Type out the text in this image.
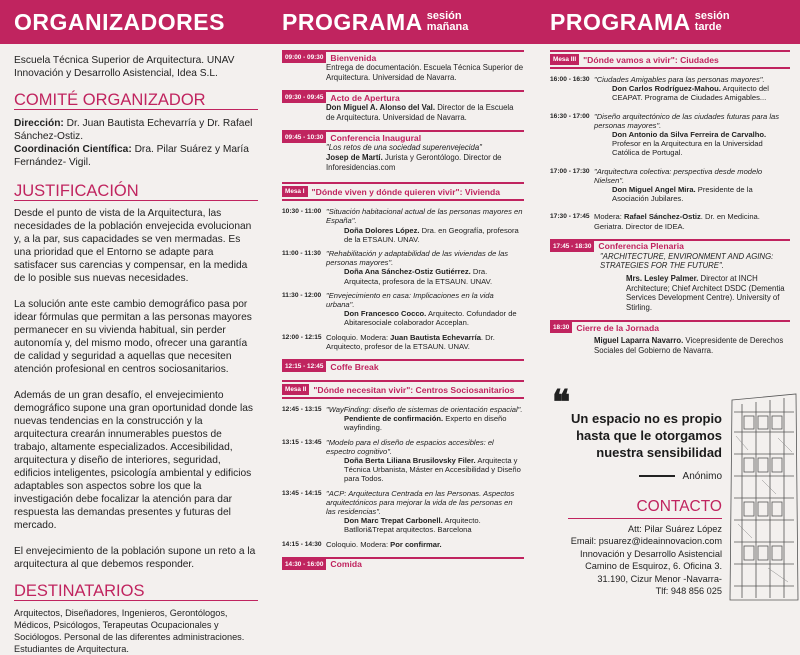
ORGANIZADORES
Escuela Técnica Superior de Arquitectura. UNAV
Innovación y Desarrollo Asistencial, Idea S.L.
COMITÉ ORGANIZADOR
Dirección: Dr. Juan Bautista Echevarría y Dr. Rafael Sánchez-Ostiz.
Coordinación Científica: Dra. Pilar Suárez y María Fernández- Vigil.
JUSTIFICACIÓN

Desde el punto de vista de la Arquitectura, las necesidades de la población envejecida evolucionan y, a la par, sus capacidades se ven mermadas. Es una prioridad que el Entorno se adapte para satisfacer sus carencias y compensar, en la medida de lo posible sus nuevas necesidades.

La solución ante este cambio demográfico pasa por idear fórmulas que permitan a las personas mayores permanecer en su vivienda habitual, sin perder autonomía y, del mismo modo, ofrecer una garantía de calidad y seguridad a aquellas que necesiten atención profesional en centros sociosanitarios.

Además de un gran desafío, el envejecimiento demográfico supone una gran oportunidad donde las nuevas tendencias en la construcción y la arquitectura crearán innumerables puestos de trabajo, altamente especializados. Accesibilidad, arquitectura y diseño de interiores, seguridad, edificios inteligentes, psicología ambiental y edificios adaptables son aspectos sobre los que la investigación debe focalizar la atención para dar respuesta las demandas presentes y futuras del mercado.

El envejecimiento de la población supone un reto a la arquitectura al que debemos responder.

DESTINATARIOS

Arquitectos, Diseñadores, Ingenieros, Gerontólogos, Médicos, Psicólogos, Terapeutas Ocupacionales y Sociólogos. Personal de las diferentes administraciones. Estudiantes de Arquitectura.

PROGRAMA sesión
mañana
09:00 - 09:30 Bienvenida
Entrega de documentación. Escuela Técnica Superior de Arquitectura. Universidad de Navarra.
09:30 - 09:45 Acto de Apertura
Don Miguel A. Alonso del Val. Director de la Escuela de Arquitectura. Universidad de Navarra.
09:45 - 10:30 Conferencia Inaugural
"Los retos de una sociedad superenvejecida"
Josep de Martí. Jurista y Gerontólogo. Director de Inforesidencias.com
Mesa I "Dónde viven y dónde quieren vivir": Vivienda
10:30 - 11:00 "Situación habitacional actual de las personas mayores en España".
Doña Dolores López. Dra. en Geografía, profesora de la ETSAUN. UNAV.
11:00 - 11:30 "Rehabilitación y adaptabilidad de las viviendas de las personas mayores".
Doña Ana Sánchez-Ostiz Gutiérrez. Dra. Arquitecta, profesora de la ETSAUN. UNAV.
11:30 - 12:00 "Envejecimiento en casa: Implicaciones en la vida urbana".
Don Francesco Cocco. Arquitecto. Cofundador de Abitaresociale colaborador Acceplan.
12:00 - 12:15 Coloquio. Modera: Juan Bautista Echevarría. Dr. Arquitecto, profesor de la ETSAUN. UNAV.
12:15 - 12:45 Coffe Break
Mesa II "Dónde necesitan vivir": Centros Sociosanitarios
12:45 - 13:15 "WayFinding: diseño de sistemas de orientación espacial".
Pendiente de confirmación. Experto en diseño wayfinding.
13:15 - 13:45 "Modelo para el diseño de espacios accesibles: el espectro cognitivo".
Doña Berta Liliana Brusilovsky Filer. Arquitecta y Técnica Urbanista, Máster en Accesibilidad y Diseño para Todos.
13:45 - 14:15 "ACP: Arquitectura Centrada en las Personas. Aspectos arquitectónicos para mejorar la vida de las personas en las residencias".
Don Marc Trepat Carbonell. Arquitecto. Batllori&Trepat arquitectos. Barcelona
14:15 - 14:30 Coloquio. Modera: Por confirmar.
14:30 - 16:00 Comida
PROGRAMA sesión
tarde
Mesa III "Dónde vamos a vivir": Ciudades
16:00 - 16:30 "Ciudades Amigables para las personas mayores".
Don Carlos Rodríguez-Mahou. Arquitecto del CEAPAT. Programa de Ciudades Amigables...
16:30 - 17:00 "Diseño arquitectónico de las ciudades futuras para las personas mayores".
Don Antonio da Silva Ferreira de Carvalho. Profesor en la Arquitectura en la Universidad Católica de Portugal.
17:00 - 17:30 "Arquitectura colectiva: perspectiva desde modelo Nielsen".
Don Miguel Angel Mira. Presidente de la Asociación Jubilares.
17:30 - 17:45 Modera: Rafael Sánchez-Ostiz. Dr. en Medicina. Geriatra. Director de IDEA.
17:45 - 18:30 Conferencia Plenaria
"ARCHITECTURE, ENVIRONMENT AND AGING: STRATEGIES FOR THE FUTURE".
Mrs. Lesley Palmer. Director at INCH Architecture; Chief Architect DSDC (Dementia Services Development Centre). University of Stirling.
18:30 Cierre de la Jornada
Miguel Laparra Navarro. Vicepresidente de Derechos Sociales del Gobierno de Navarra.
❝ Un espacio no es propio hasta que le otorgamos nuestra sensibilidad
Anónimo
CONTACTO
Att: Pilar Suárez López
Email: psuarez@ideainnovacion.com
Innovación y Desarrollo Asistencial
Camino de Esquiroz, 6. Oficina 3.
31.190, Cizur Menor -Navarra-
Tlf: 948 856 025
